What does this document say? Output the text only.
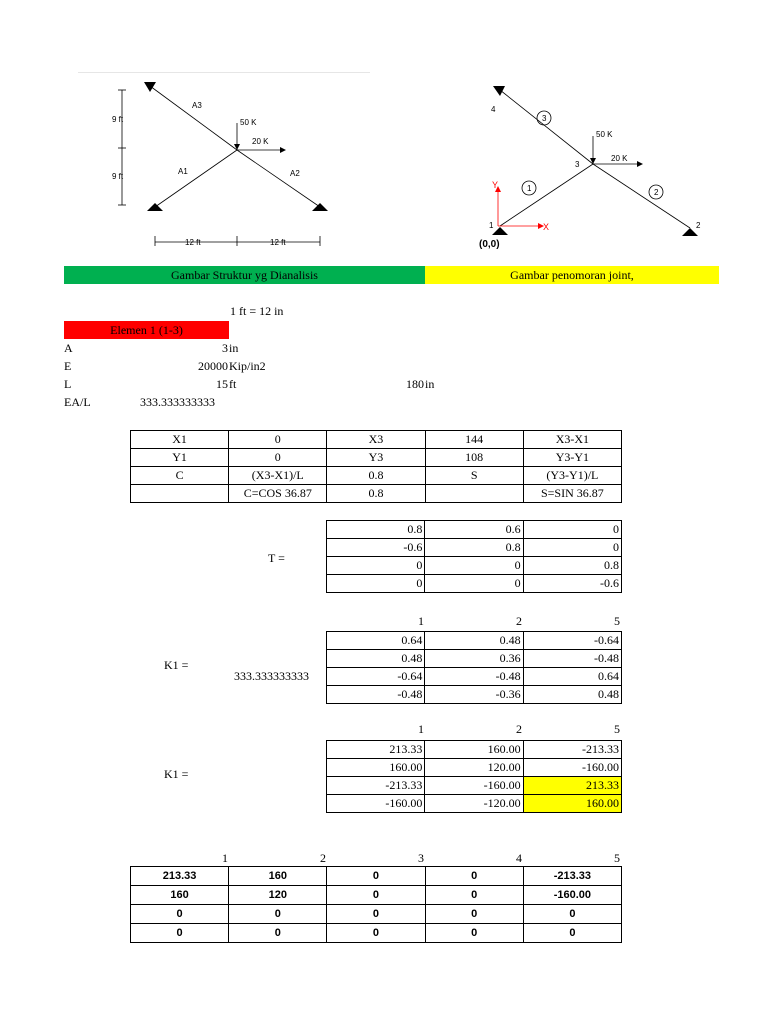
A3
50 K
20 K
A1	A2
9 ft
9 ft
12 ft	12 ft
4
3
1	2
50 K
20 K
1	2
3
Y
X
(0,0)
Gambar Struktur yg Dianalisis	Gambar penomoran joint,
1 ft = 12 in
Elemen 1 (1-3)
A	3 in
E	20000 Kip/in2
L	15 ft	180 in
EA/L	333.333333333
X1	0	X3	144	X3-X1
Y1	0	Y3	108	Y3-Y1
C	(X3-X1)/L	0.8	S	(Y3-Y1)/L
	C=COS 36.87	0.8		S=SIN 36.87
T =
0.8	0.6	0
-0.6	0.8	0
0	0	0.8
0	0	-0.6
1	2	5
K1 =
333.333333333
0.64	0.48	-0.64
0.48	0.36	-0.48
-0.64	-0.48	0.64
-0.48	-0.36	0.48
1	2	5
K1 =
213.33	160.00	-213.33
160.00	120.00	-160.00
-213.33	-160.00	213.33
-160.00	-120.00	160.00
1	2	3	4	5
213.33	160	0	0	-213.33
160	120	0	0	-160.00
0	0	0	0	0
0	0	0	0	0
